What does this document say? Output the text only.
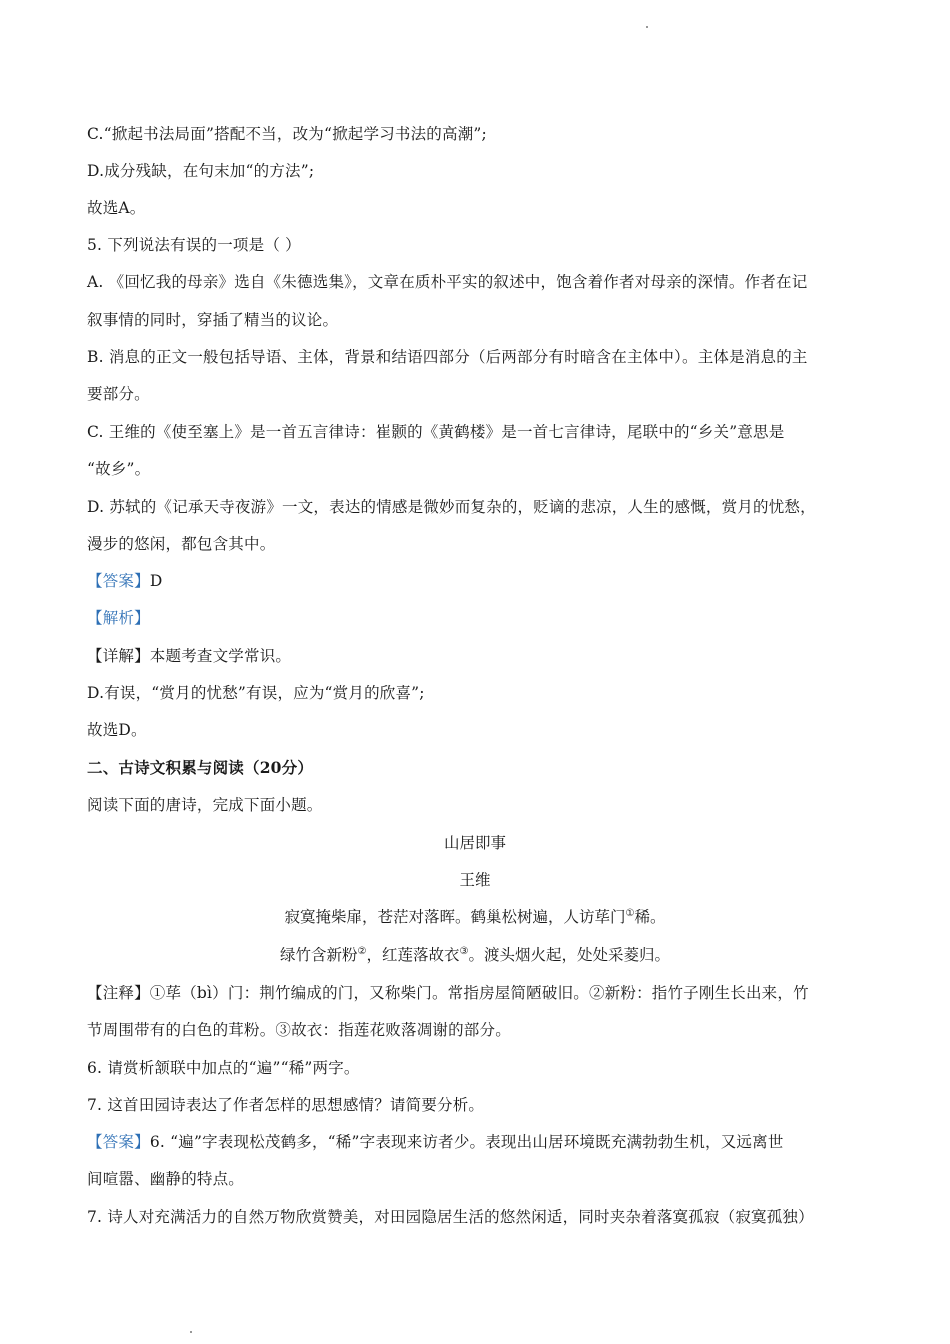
C.“掀起书法局面”搭配不当，改为“掀起学习书法的高潮”;
D.成分残缺，在句末加“的方法”;
故选A。
5. 下列说法有误的一项是（ ）
A. 《回忆我的母亲》选自《朱德选集》，文章在质朴平实的叙述中，饱含着作者对母亲的深情。作者在记
叙事情的同时，穿插了精当的议论。
B. 消息的正文一般包括导语、主体，背景和结语四部分（后两部分有时暗含在主体中）。主体是消息的主
要部分。
C. 王维的《使至塞上》是一首五言律诗：崔颢的《黄鹤楼》是一首七言律诗，尾联中的“乡关”意思是
“故乡”。
D. 苏轼的《记承天寺夜游》一文，表达的情感是微妙而复杂的，贬谪的悲凉，人生的感慨，赏月的忧愁，
漫步的悠闲，都包含其中。
【答案】D
【解析】
【详解】本题考查文学常识。
D.有误，“赏月的忧愁”有误，应为“赏月的欣喜”;
故选D。
二、古诗文积累与阅读（20分）
阅读下面的唐诗，完成下面小题。
山居即事
王维
寂寞掩柴扉，苍茫对落晖。鹤巢松树遍，人访荜门①稀。
绿竹含新粉②，红莲落故衣③。渡头烟火起，处处采菱归。
【注释】①荜（bì）门：荆竹编成的门，又称柴门。常指房屋简陋破旧。②新粉：指竹子刚生长出来，竹
节周围带有的白色的茸粉。③故衣：指莲花败落凋谢的部分。
6. 请赏析颔联中加点的“遍”“稀”两字。
7. 这首田园诗表达了作者怎样的思想感情？请简要分析。
【答案】6. “遍”字表现松茂鹤多，“稀”字表现来访者少。表现出山居环境既充满勃勃生机，又远离世
间喧嚣、幽静的特点。
7. 诗人对充满活力的自然万物欣赏赞美，对田园隐居生活的悠然闲适，同时夹杂着落寞孤寂（寂寞孤独）
